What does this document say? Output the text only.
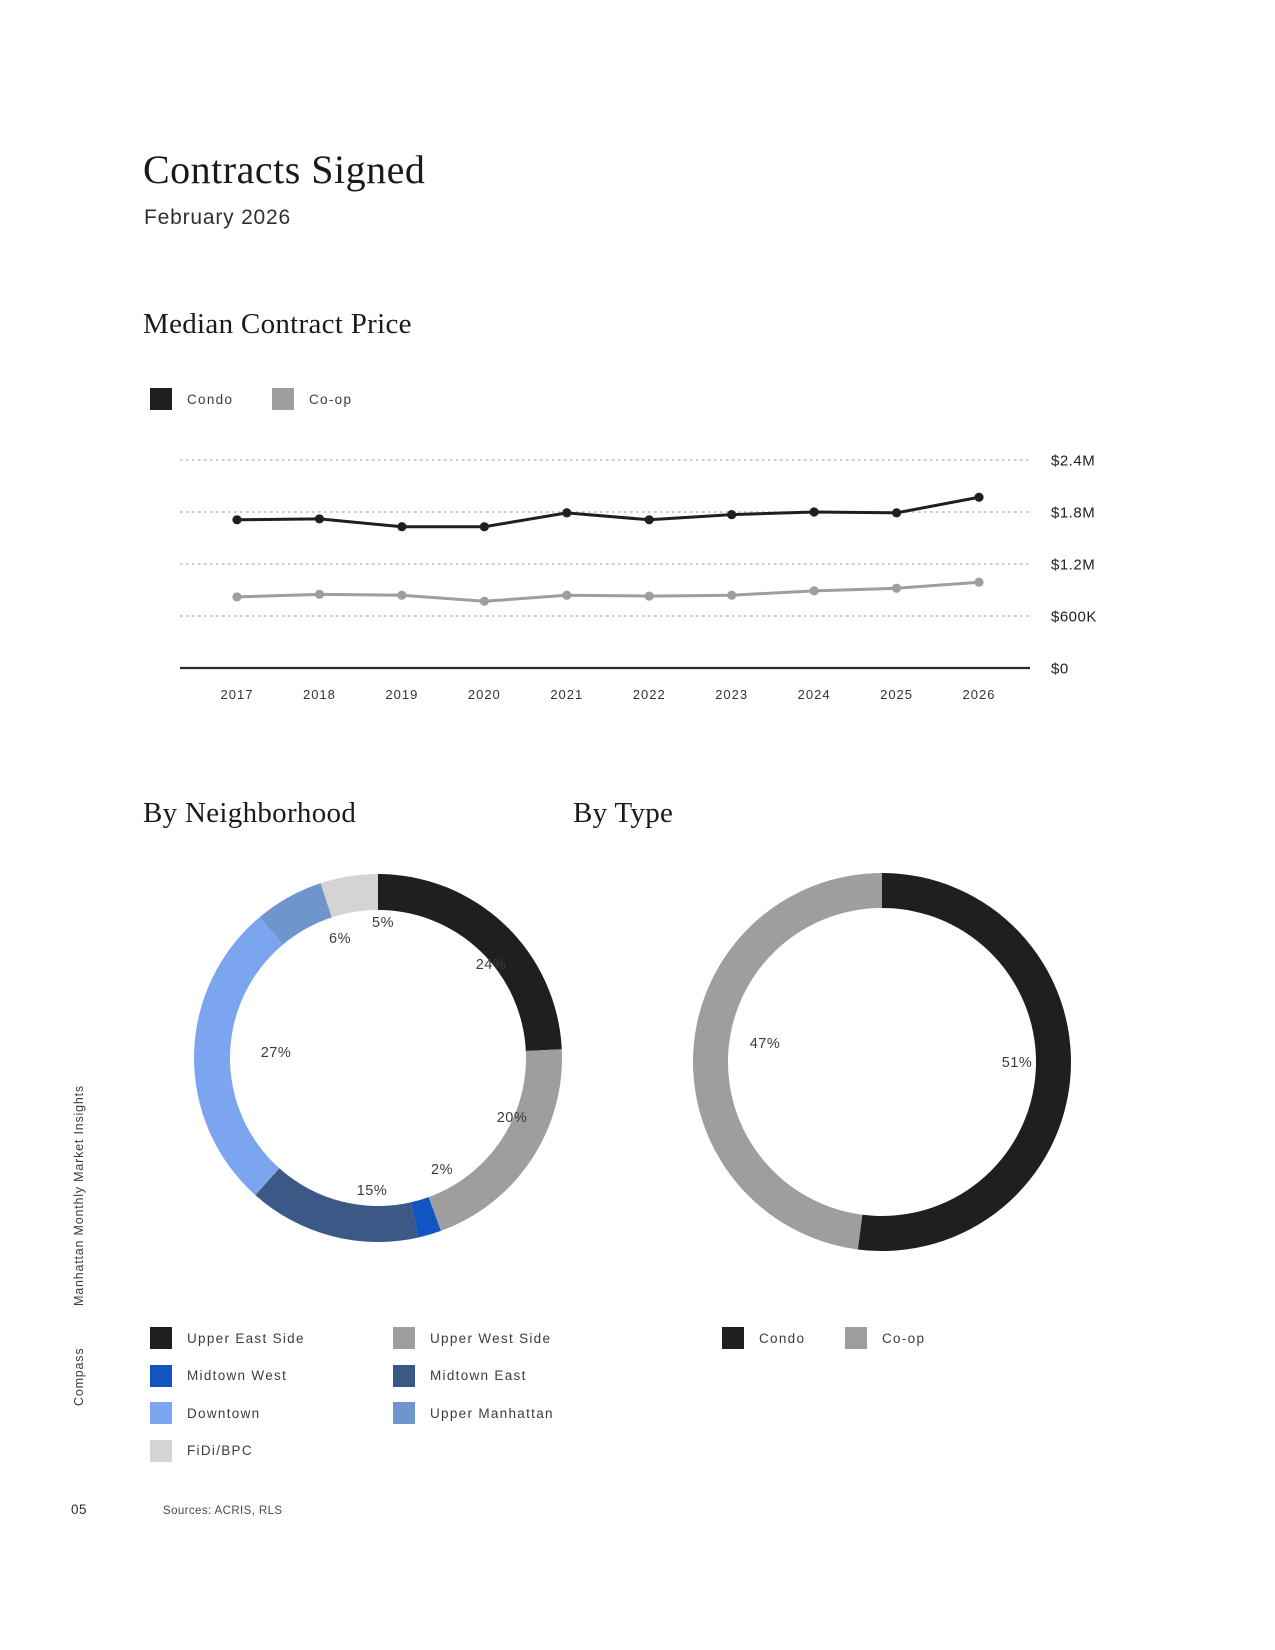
Manhattan Monthly Market Insights
Compass
Contracts Signed
February 2026
Median Contract Price
By Neighborhood	By Type
$2.4M
$1.8M
$1.2M
$600K
$0
2017	2018	2019	2020	2021	2022	2023	2024	2025	2026
24%
20%
2%
15%
27%
6%
5%
51%
47%
Condo	Co-op
Upper East Side	Upper West Side
Midtown West	Midtown East
Downtown	Upper Manhattan
FiDi/BPC
Condo	Co-op
05	Sources: ACRIS, RLS
